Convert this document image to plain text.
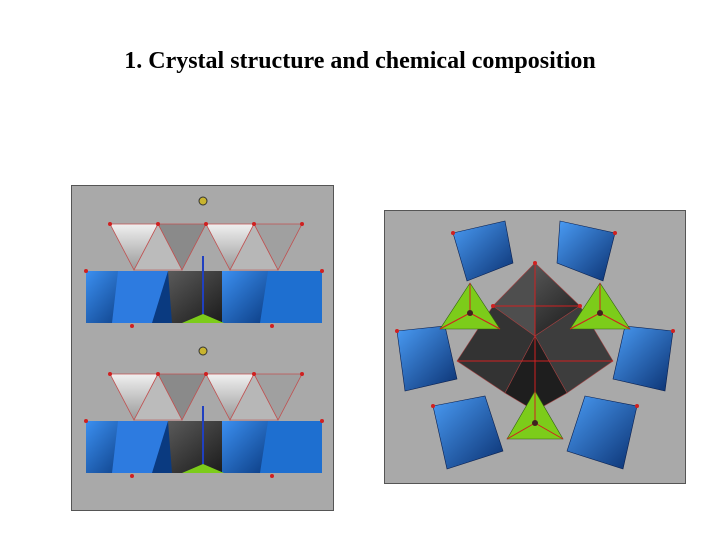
1. Crystal structure and chemical composition
